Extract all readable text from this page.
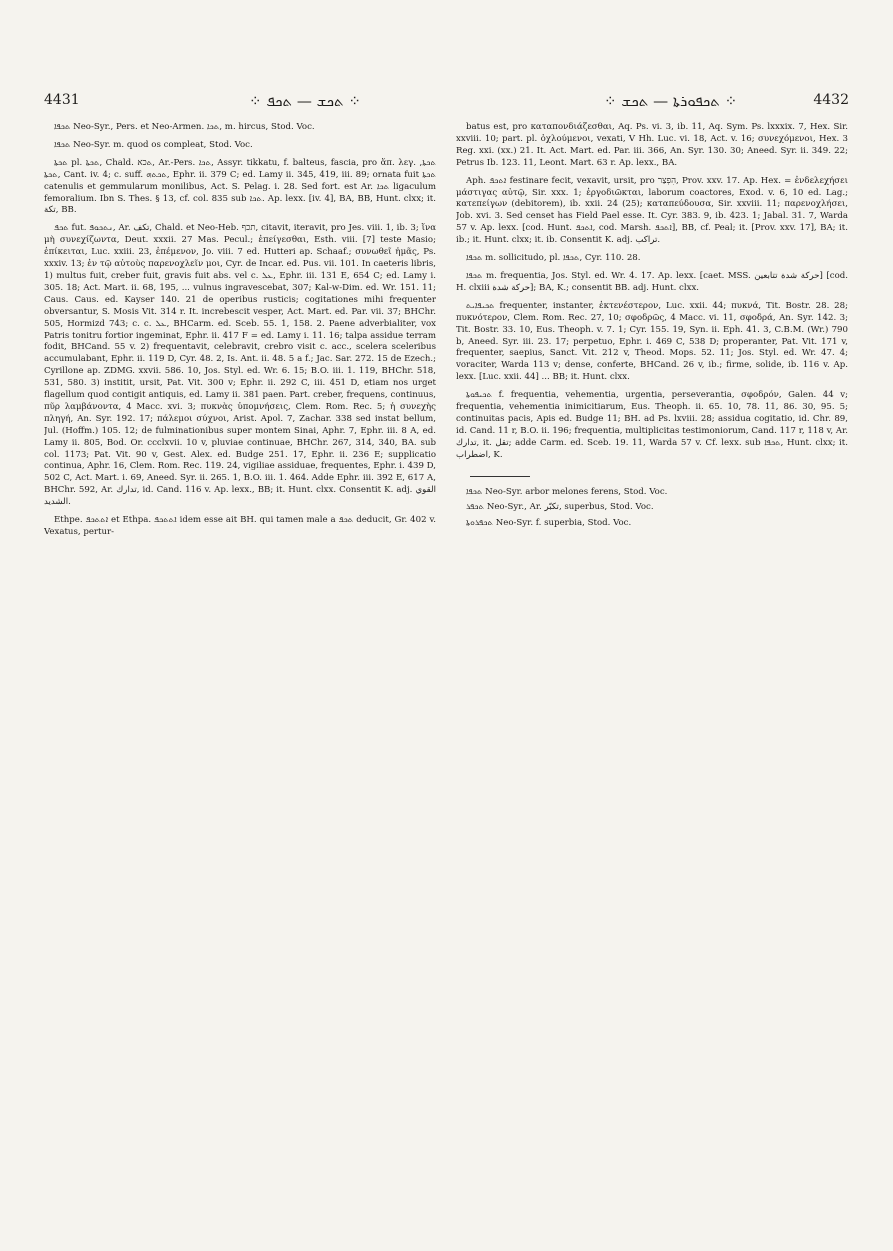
4431	⁘ ܬܟܫ — ܬܟܦ ⁘	⁘ ܬܟܦܘܪܬܐ — ܬܟܫ ⁘	4432

ܬܟܦܐ Neo-Syr., Pers. et Neo-Armen. ܬܟܐ, m. hircus, Stod. Voc.

ܬܟܦܐ Neo-Syr. m. quod os compleat, Stod. Voc.

ܬܟܬܐ pl. ܬܟܬܐ, Chald. ܬכא, Ar.-Pers. ܬܟܐ, Assyr. tikkatu, f. balteus, fascia, pro ἅπ. λεγ. ܬܟܬܐ, ܬܟܬܐ, Cant. iv. 4; c. suff. ܬܟܬܗ, Ephr. ii. 379 C; ed. Lamy ii. 345, 419, iii. 89; ornata fuit ܬܟܬܐ catenulis et gemmularum monilibus, Act. S. Pelag. i. 28. Sed fort. est Ar. ܬܟܐ ligaculum femoralium. Ibn S. Thes. § 13, cf. col. 835 sub ܬܟܐ. Ap. lexx. [iv. 4], BA, BB, Hunt. clxx; it. تكة, BB.

ܬܟܦ fut. ܢܬܟܘܦ, Ar. تكف, Chald. et Neo-Heb. תכף, citavit, iteravit, pro Jes. viii. 1, ib. 3; ἵνα μὴ συνεχίζωντα, Deut. xxxii. 27 Mas. Pecul.; ἐπείγεσθαι, Esth. viii. [7] teste Masio; ἐπίκειται, Luc. xxiii. 23, ἐπέμενον, Jo. viii. 7 ed. Hutteri ap. Schaaf.; συνωθεῖ ἡμᾶς, Ps. xxxiv. 13; ἐν τῷ αὐτοὺς παρενοχλεῖν μοι, Cyr. de Incar. ed. Pus. vii. 101. In caeteris libris, 1) multus fuit, creber fuit, gravis fuit abs. vel c. ܥܠ, Ephr. iii. 131 E, 654 C; ed. Lamy i. 305. 18; Act. Mart. ii. 68, 195, ... vulnus ingravescebat, 307; Kal-w-Dim. ed. Wr. 151. 11; Caus. Caus. ed. Kayser 140. 21 de operibus rusticis; cogitationes mihi frequenter obversantur, S. Mosis Vit. 314 r. It. increbescit vesper, Act. Mart. ed. Par. vii. 37; BHChr. 505, Hormizd 743; c. c. ܥܠ, BHCarm. ed. Sceb. 55. 1, 158. 2. Paene adverbialiter, vox Patris tonitru fortior ingeminat, Ephr. ii. 417 F = ed. Lamy i. 11. 16; talpa assidue terram fodit, BHCand. 55 v. 2) frequentavit, celebravit, crebro visit c. acc., scelera sceleribus accumulabant, Ephr. ii. 119 D, Cyr. 48. 2, Is. Ant. ii. 48. 5 a f.; Jac. Sar. 272. 15 de Ezech.; Cyrillone ap. ZDMG. xxvii. 586. 10, Jos. Styl. ed. Wr. 6. 15; B.O. iii. 1. 119, BHChr. 518, 531, 580. 3) institit, ursit, Pat. Vit. 300 v; Ephr. ii. 292 C, iii. 451 D, etiam nos urget flagellum quod contigit antiquis, ed. Lamy ii. 381 paen. Part. creber, frequens, continuus, πῦρ λαμβάνοντα, 4 Macc. xvi. 3; πυκνὰς ὑπομνήσεις, Clem. Rom. Rec. 5; ἡ συνεχὴς πληγή, An. Syr. 192. 17; πάλεμοι σύχνοι, Arist. Apol. 7, Zachar. 338 sed instat bellum, Jul. (Hoffm.) 105. 12; de fulminationibus super montem Sinai, Aphr. 7, Ephr. iii. 8 A, ed. Lamy ii. 805, Bod. Or. ccclxvii. 10 v, pluviae continuae, BHChr. 267, 314, 340, BA. sub col. 1173; Pat. Vit. 90 v, Gest. Alex. ed. Budge 251. 17, Ephr. ii. 236 E; supplicatio continua, Aphr. 16, Clem. Rom. Rec. 119. 24, vigiliae assiduae, frequentes, Ephr. i. 439 D, 502 C, Act. Mart. i. 69, Aneed. Syr. ii. 265. 1, B.O. iii. 1. 464. Adde Ephr. iii. 392 E, 617 A, BHChr. 592, Ar. تدارك, id. Cand. 116 v. Ap. lexx., BB; it. Hunt. clxx. Consentit K. adj. القوي الشديد.

Ethpe. ܐܬܬܟܦ et Ethpa. ܐܬܬܟܦ idem esse ait BH. qui tamen male a ܬܟܦ deducit, Gr. 402 v. Vexatus, pertur-

batus est, pro καταπονδιάζεσθαι, Aq. Ps. vi. 3, ib. 11, Aq. Sym. Ps. lxxxix. 7, Hex. Sir. xxviii. 10; part. pl. ὀχλούμενοι, vexati, V Hh. Luc. vi. 18, Act. v. 16; συνεχόμενοι, Hex. 3 Reg. xxi. (xx.) 21. It. Act. Mart. ed. Par. iii. 366, An. Syr. 130. 30; Aneed. Syr. ii. 349. 22; Petrus Ib. 123. 11, Leont. Mart. 63 r. Ap. lexx., BA.

Aph. ܐܬܟܦ festinare fecit, vexavit, ursit, pro הִפְצַר, Prov. xxv. 17. Ap. Hex. = ἐνδελεχήσει μάστιγας αὐτῷ, Sir. xxx. 1; ἐργοδιῶκται, laborum coactores, Exod. v. 6, 10 ed. Lag.; κατεπείγων (debitorem), ib. xxii. 24 (25); καταπεύδουσα, Sir. xxviii. 11; παρενοχλήσει, Job. xvi. 3. Sed censet has Field Pael esse. It. Cyr. 383. 9, ib. 423. 1; Jabal. 31. 7, Warda 57 v. Ap. lexx. [cod. Hunt. ܐܬܟܦ, cod. Marsh. ܐܬܟܦ], BB, cf. Peal; it. [Prov. xxv. 17], BA; it. ib.; it. Hunt. clxx; it. ib. Consentit K. adj. تراكب.

ܬܟܦܐ m. sollicitudo, pl. ܬܟܦܐ, Cyr. 110. 28.

ܬܟܦܐ m. frequentia, Jos. Styl. ed. Wr. 4. 17. Ap. lexx. [caet. MSS. حركة شدة تتابعين] [cod. H. clxiii حركة شدة]; BA, K.; consentit BB. adj. Hunt. clxx.

ܬܟܝܦܐܝܬ frequenter, instanter, ἐκτενέστερον, Luc. xxii. 44; πυκνά, Tit. Bostr. 28. 28; πυκνότερον, Clem. Rom. Rec. 27, 10; σφοδρῶς, 4 Macc. vi. 11, σφοδρά, An. Syr. 142. 3; Tit. Bostr. 33. 10, Eus. Theoph. v. 7. 1; Cyr. 155. 19, Syn. ii. Eph. 41. 3, C.B.M. (Wr.) 790 b, Aneed. Syr. iii. 23. 17; perpetuo, Ephr. i. 469 C, 538 D; properanter, Pat. Vit. 171 v, frequenter, saepius, Sanct. Vit. 212 v, Theod. Mops. 52. 11; Jos. Styl. ed. Wr. 47. 4; voraciter, Warda 113 v; dense, conferte, BHCand. 26 v, ib.; firme, solide, ib. 116 v. Ap. lexx. [Luc. xxii. 44] ... BB; it. Hunt. clxx.

ܬܟܝܦܘܬܐ f. frequentia, vehementia, urgentia, perseverantia, σφοδρόν, Galen. 44 v; frequentia, vehementia inimicitiarum, Eus. Theoph. ii. 65. 10, 78. 11, 86. 30, 95. 5; continuitas pacis, Apis ed. Budge 11; BH. ad Ps. lxviii. 28; assidua cogitatio, id. Chr. 89, id. Cand. 11 r, B.O. ii. 196; frequentia, multiplicitas testimoniorum, Cand. 117 r, 118 v, Ar. تدارك, it. تقل; adde Carm. ed. Sceb. 19. 11, Warda 57 v. Cf. lexx. sub ܬܟܦܐ, Hunt. clxx; it. اضطراب, K.

ܬܟܦܐ Neo-Syr. arbor melones ferens, Stod. Voc.

ܬܟܦܪ Neo-Syr., Ar. تكبّر, superbus, Stod. Voc.

ܬܟܦܪܘܬܐ Neo-Syr. f. superbia, Stod. Voc.
